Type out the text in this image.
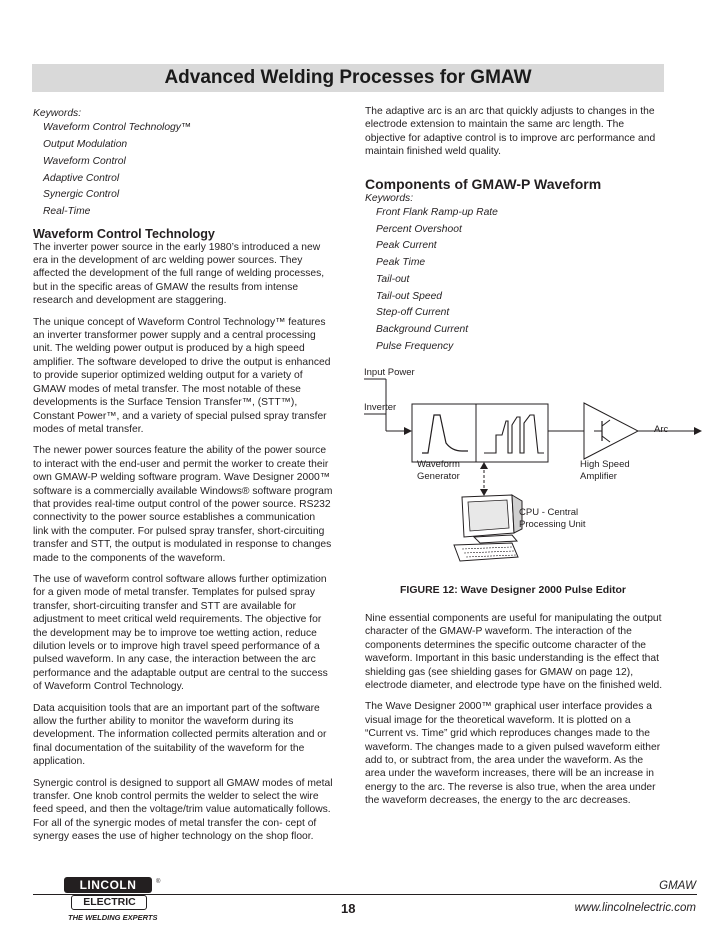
Advanced Welding Processes for GMAW
Keywords:
Waveform Control Technology™
Output Modulation
Waveform Control
Adaptive Control
Synergic Control
Real-Time
Waveform Control Technology

The inverter power source in the early 1980’s introduced a new era in the development of arc welding power sources. They affected the development of the full range of welding processes, but in the specific areas of GMAW the results from intense research and development are staggering.

The unique concept of Waveform Control Technology™ features an inverter transformer power supply and a central processing unit. The welding power output is produced by a high speed amplifier. The software developed to drive the output is enhanced to provide superior optimized welding output for a variety of GMAW modes of metal transfer. The most notable of these developments is the Surface Tension Transfer™, (STT™), Constant Power™, and a variety of special pulsed spray transfer modes of metal transfer.

The newer power sources feature the ability of the power source to interact with the end-user and permit the worker to create their own GMAW-P welding software program. Wave Designer 2000™ software is a commercially available Windows® software program that provides real-time output control of the power source. RS232 connectivity to the power source establishes a communication link with the computer. For pulsed spray transfer, short-circuiting transfer and STT, the output is modulated in response to changes made to the components of the waveform.

The use of waveform control software allows further optimization for a given mode of metal transfer. Templates for pulsed spray transfer, short-circuiting transfer and STT are available for adjustment to meet critical weld requirements. The objective for the development may be to improve toe wetting action, reduce dilution levels or to improve high travel speed performance of a pulsed waveform. In any case, the interaction between the arc performance and the adaptable output are central to the success of Waveform Control Technology.

Data acquisition tools that are an important part of the software allow the further ability to monitor the waveform during its development. The information collected permits alteration and or final documentation of the suitability of the waveform for the application.

Synergic control is designed to support all GMAW modes of metal transfer. One knob control permits the welder to select the wire feed speed, and then the voltage/trim value automatically follows. For all of the synergic modes of metal transfer the con- cept of synergy eases the use of higher technology on the shop floor.

The adaptive arc is an arc that quickly adjusts to changes in the electrode extension to maintain the same arc length. The objective for adaptive control is to improve arc performance and maintain finished weld quality.

Components of GMAW-P Waveform
Keywords:
Front Flank Ramp-up Rate
Percent Overshoot
Peak Current
Peak Time
Tail-out
Tail-out Speed
Step-off Current
Background Current
Pulse Frequency
Input Power
Inverter
Arc
Waveform
Generator
High Speed
Amplifier
CPU - Central
Processing Unit
FIGURE 12: Wave Designer 2000 Pulse Editor

Nine essential components are useful for manipulating the output character of the GMAW-P waveform. The interaction of the components determines the specific outcome character of the waveform. Important in this basic understanding is the effect that shielding gas (see shielding gases for GMAW on page 12), electrode diameter, and electrode type have on the finished weld.

The Wave Designer 2000™ graphical user interface provides a visual image for the theoretical waveform. It is plotted on a “Current vs. Time” grid which reproduces changes made to the waveform. The changes made to a given pulsed waveform either add to, or subtract from, the area under the waveform. As the area under the waveform increases, there will be an increase in energy to the arc. The reverse is also true, when the area under the waveform decreases, the energy to the arc decreases.

LINCOLN	®
ELECTRIC
THE WELDING EXPERTS
18
GMAW
www.lincolnelectric.com
